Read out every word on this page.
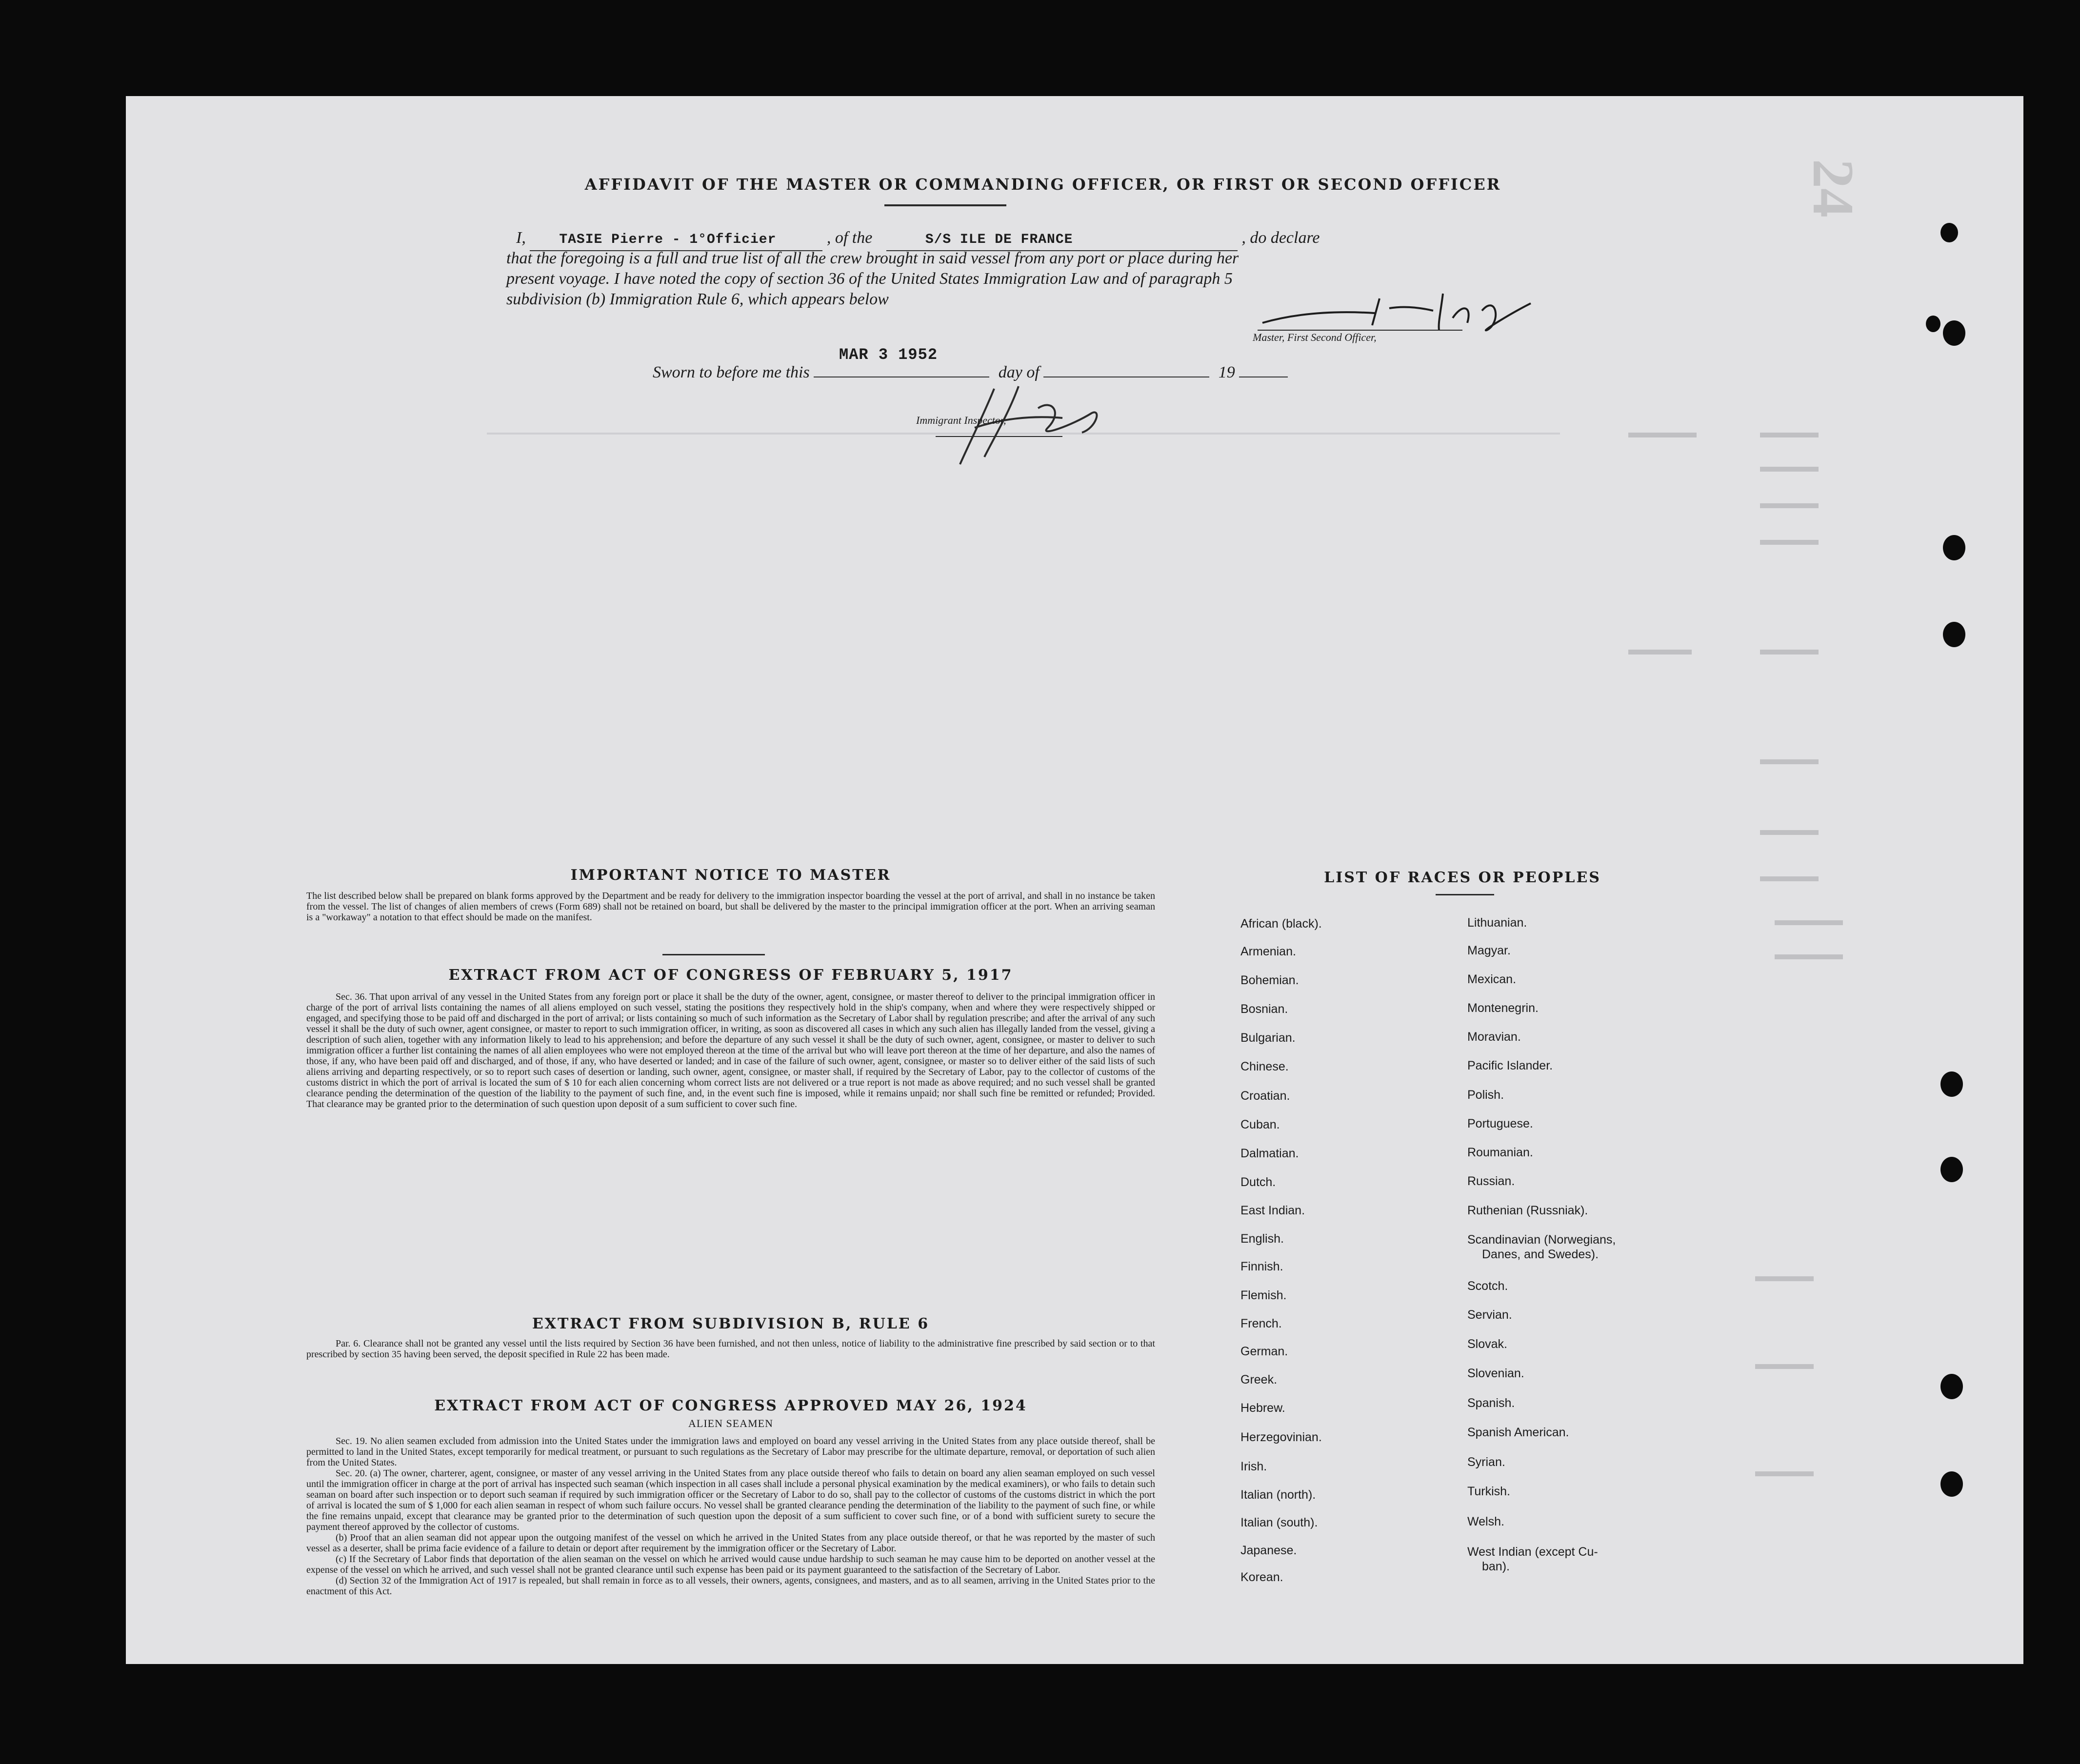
24
AFFIDAVIT OF THE MASTER OR COMMANDING OFFICER, OR FIRST OR SECOND OFFICER
I, TASIE Pierre - 1°Officier	, of the	S/S ILE DE FRANCE	, do declare
that the foregoing is a full and true list of all the crew brought in said vessel from any port or place during her
present voyage. I have noted the copy of section 36 of the United States Immigration Law and of paragraph 5
subdivision (b) Immigration Rule 6, which appears below
Master, First Second Officer,
MAR 3 1952
Sworn to before me this	day of	19
Immigrant Inspector,

IMPORTANT NOTICE TO MASTER

The list described below shall be prepared on blank forms approved by the Department and be ready for delivery to the immigration inspector boarding the vessel at the port of arrival, and shall in no instance be taken from the vessel. The list of changes of alien members of crews (Form 689) shall not be retained on board, but shall be delivered by the master to the principal immigration officer at the port. When an arriving seaman is a "workaway" a notation to that effect should be made on the manifest.

EXTRACT FROM ACT OF CONGRESS OF FEBRUARY 5, 1917

Sec. 36. That upon arrival of any vessel in the United States from any foreign port or place it shall be the duty of the owner, agent, consignee, or master thereof to deliver to the principal immigration officer in charge of the port of arrival lists containing the names of all aliens employed on such vessel, stating the positions they respectively hold in the ship's company, when and where they were respectively shipped or engaged, and specifying those to be paid off and discharged in the port of arrival; or lists containing so much of such information as the Secretary of Labor shall by regulation prescribe; and after the arrival of any such vessel it shall be the duty of such owner, agent consignee, or master to report to such immigration officer, in writing, as soon as discovered all cases in which any such alien has illegally landed from the vessel, giving a description of such alien, together with any information likely to lead to his apprehension; and before the departure of any such vessel it shall be the duty of such owner, agent, consignee, or master to deliver to such immigration officer a further list containing the names of all alien employees who were not employed thereon at the time of the arrival but who will leave port thereon at the time of her departure, and also the names of those, if any, who have been paid off and discharged, and of those, if any, who have deserted or landed; and in case of the failure of such owner, agent, consignee, or master so to deliver either of the said lists of such aliens arriving and departing respectively, or so to report such cases of desertion or landing, such owner, agent, consignee, or master shall, if required by the Secretary of Labor, pay to the collector of customs of the customs district in which the port of arrival is located the sum of $ 10 for each alien concerning whom correct lists are not delivered or a true report is not made as above required; and no such vessel shall be granted clearance pending the determination of the question of the liability to the payment of such fine, and, in the event such fine is imposed, while it remains unpaid; nor shall such fine be remitted or refunded; Provided. That clearance may be granted prior to the determination of such question upon deposit of a sum sufficient to cover such fine.

EXTRACT FROM SUBDIVISION B, RULE 6

Par. 6. Clearance shall not be granted any vessel until the lists required by Section 36 have been furnished, and not then unless, notice of liability to the administrative fine prescribed by said section or to that prescribed by section 35 having been served, the deposit specified in Rule 22 has been made.

EXTRACT FROM ACT OF CONGRESS APPROVED MAY 26, 1924

ALIEN SEAMEN

Sec. 19. No alien seamen excluded from admission into the United States under the immigration laws and employed on board any vessel arriving in the United States from any place outside thereof, shall be permitted to land in the United States, except temporarily for medical treatment, or pursuant to such regulations as the Secretary of Labor may prescribe for the ultimate departure, removal, or deportation of such alien from the United States.

Sec. 20. (a) The owner, charterer, agent, consignee, or master of any vessel arriving in the United States from any place outside thereof who fails to detain on board any alien seaman employed on such vessel until the immigration officer in charge at the port of arrival has inspected such seaman (which inspection in all cases shall include a personal physical examination by the medical examiners), or who fails to detain such seaman on board after such inspection or to deport such seaman if required by such immigration officer or the Secretary of Labor to do so, shall pay to the collector of customs of the customs district in which the port of arrival is located the sum of $ 1,000 for each alien seaman in respect of whom such failure occurs. No vessel shall be granted clearance pending the determination of the liability to the payment of such fine, or while the fine remains unpaid, except that clearance may be granted prior to the determination of such question upon the deposit of a sum sufficient to cover such fine, or of a bond with sufficient surety to secure the payment thereof approved by the collector of customs.

(b) Proof that an alien seaman did not appear upon the outgoing manifest of the vessel on which he arrived in the United States from any place outside thereof, or that he was reported by the master of such vessel as a deserter, shall be prima facie evidence of a failure to detain or deport after requirement by the immigration officer or the Secretary of Labor.

(c) If the Secretary of Labor finds that deportation of the alien seaman on the vessel on which he arrived would cause undue hardship to such seaman he may cause him to be deported on another vessel at the expense of the vessel on which he arrived, and such vessel shall not be granted clearance until such expense has been paid or its payment guaranteed to the satisfaction of the Secretary of Labor.

(d) Section 32 of the Immigration Act of 1917 is repealed, but shall remain in force as to all vessels, their owners, agents, consignees, and masters, and as to all seamen, arriving in the United States prior to the enactment of this Act.

LIST OF RACES OR PEOPLES
African (black).
Armenian.
Bohemian.
Bosnian.
Bulgarian.
Chinese.
Croatian.
Cuban.
Dalmatian.
Dutch.
East Indian.
English.
Finnish.
Flemish.
French.
German.
Greek.
Hebrew.
Herzegovinian.
Irish.
Italian (north).
Italian (south).
Japanese.
Korean.
Lithuanian.
Magyar.
Mexican.
Montenegrin.
Moravian.
Pacific Islander.
Polish.
Portuguese.
Roumanian.
Russian.
Ruthenian (Russniak).
Scandinavian (Norwegians,
Danes, and Swedes).
Scotch.
Servian.
Slovak.
Slovenian.
Spanish.
Spanish American.
Syrian.
Turkish.
Welsh.
West Indian (except Cu-
ban).
